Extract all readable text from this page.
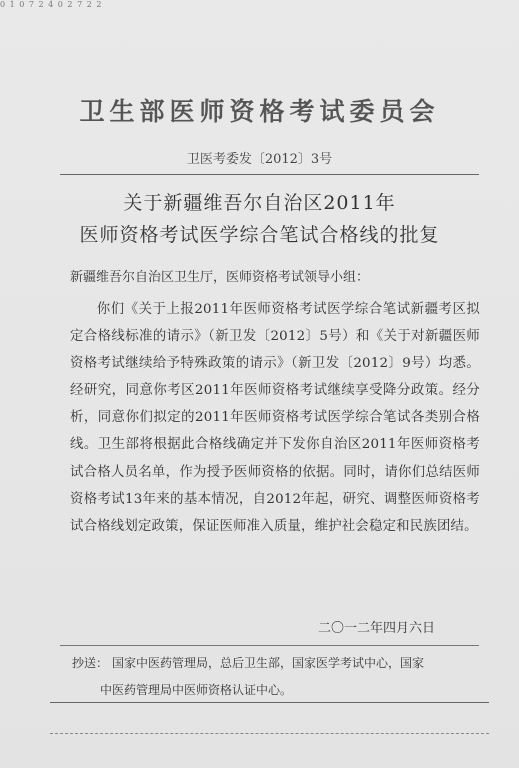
0 1 0 7 2 4 0 2 7 2 2
卫生部医师资格考试委员会
卫医考委发〔2012〕3号
关于新疆维吾尔自治区2011年
医师资格考试医学综合笔试合格线的批复
新疆维吾尔自治区卫生厅，医师资格考试领导小组：
你们《关于上报2011年医师资格考试医学综合笔试新疆考区拟定合格线标准的请示》（新卫发〔2012〕5号）和《关于对新疆医师资格考试继续给予特殊政策的请示》（新卫发〔2012〕9号）均悉。经研究，同意你考区2011年医师资格考试继续享受降分政策。经分析，同意你们拟定的2011年医师资格考试医学综合笔试各类别合格线。卫生部将根据此合格线确定并下发你自治区2011年医师资格考试合格人员名单，作为授予医师资格的依据。同时，请你们总结医师资格考试13年来的基本情况，自2012年起，研究、调整医师资格考试合格线划定政策，保证医师准入质量，维护社会稳定和民族团结。
二〇一二年四月六日
抄送： 国家中医药管理局，总后卫生部，国家医学考试中心，国家
中医药管理局中医师资格认证中心。
